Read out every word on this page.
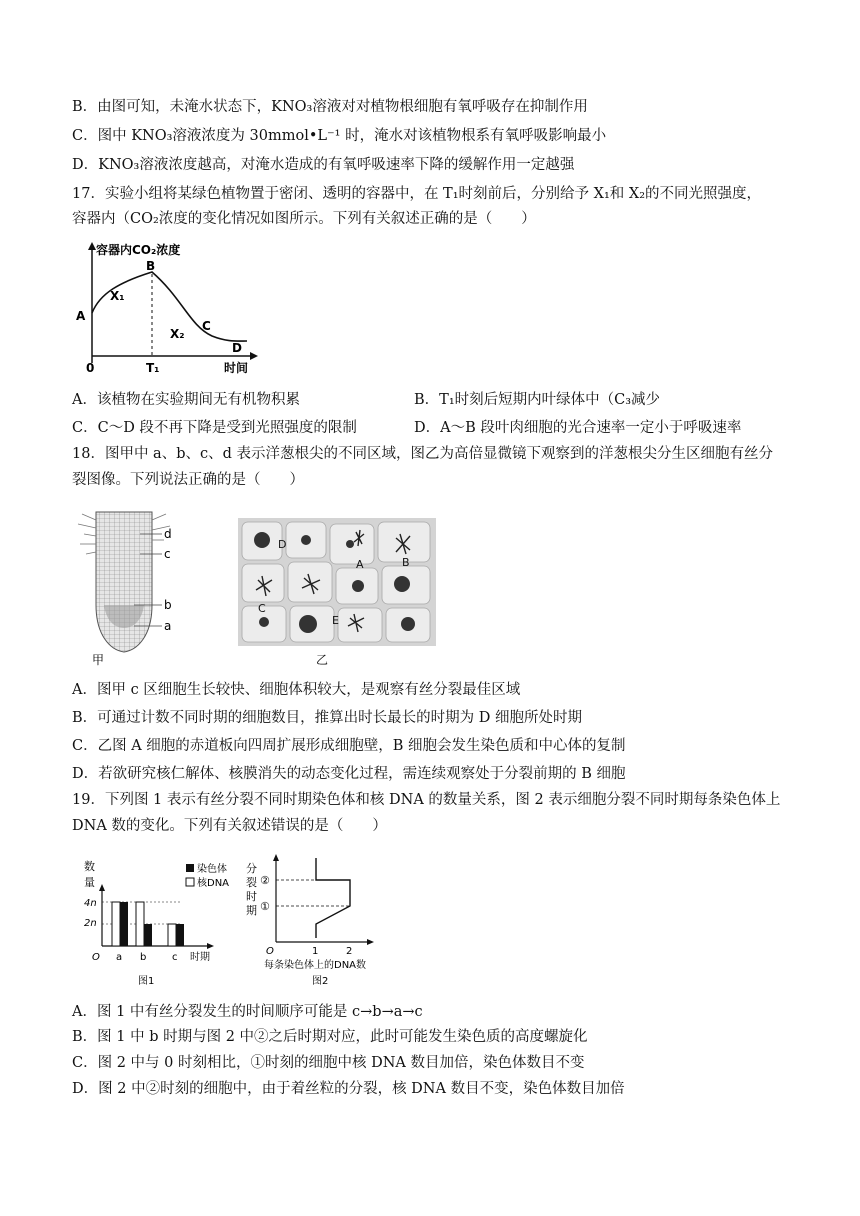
B．由图可知，未淹水状态下，KNO₃溶液对对植物根细胞有氧呼吸存在抑制作用
C．图中 KNO₃溶液浓度为 30mmol•L⁻¹ 时，淹水对该植物根系有氧呼吸影响最小
D．KNO₃溶液浓度越高，对淹水造成的有氧呼吸速率下降的缓解作用一定越强
17．实验小组将某绿色植物置于密闭、透明的容器中，在 T₁时刻前后，分别给予 X₁和 X₂的不同光照强度，
容器内（CO₂浓度的变化情况如图所示。下列有关叙述正确的是（　　）
容器内CO₂浓度
A
B
C
D
X₁
X₂
0	T₁	时间
A．该植物在实验期间无有机物积累	B．T₁时刻后短期内叶绿体中（C₃减少
C．C～D 段不再下降是受到光照强度的限制	D．A～B 段叶肉细胞的光合速率一定小于呼吸速率
18．图甲中 a、b、c、d 表示洋葱根尖的不同区域，图乙为高倍显微镜下观察到的洋葱根尖分生区细胞有丝分
裂图像。下列说法正确的是（　　）
d
c
b
a
甲
D
A	B
C
E
乙
A．图甲 c 区细胞生长较快、细胞体积较大，是观察有丝分裂最佳区域
B．可通过计数不同时期的细胞数目，推算出时长最长的时期为 D 细胞所处时期
C．乙图 A 细胞的赤道板向四周扩展形成细胞壁，B 细胞会发生染色质和中心体的复制
D．若欲研究核仁解体、核膜消失的动态变化过程，需连续观察处于分裂前期的 B 细胞
19．下列图 1 表示有丝分裂不同时期染色体和核 DNA 的数量关系，图 2 表示细胞分裂不同时期每条染色体上
DNA 数的变化。下列有关叙述错误的是（　　）
数
量
4n
2n
O a b	c 时期
染色体
核DNA
图1
分
裂
时
期
②
①
O	1	2
每条染色体上的DNA数
图2
A．图 1 中有丝分裂发生的时间顺序可能是 c→b→a→c
B．图 1 中 b 时期与图 2 中②之后时期对应，此时可能发生染色质的高度螺旋化
C．图 2 中与 0 时刻相比，①时刻的细胞中核 DNA 数目加倍，染色体数目不变
D．图 2 中②时刻的细胞中，由于着丝粒的分裂，核 DNA 数目不变，染色体数目加倍
